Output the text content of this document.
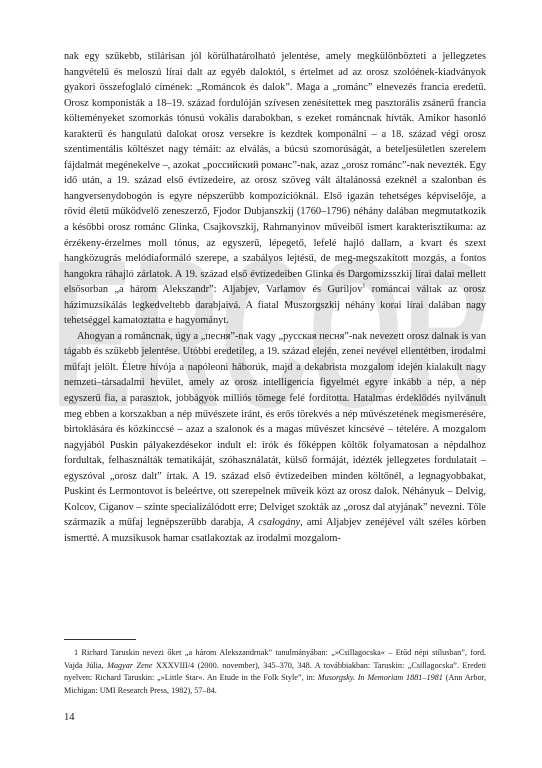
ERCOR

nak egy szűkebb, stilárisan jól körülhatárolható jelentése, amely megkülönbözteti a jellegzetes hangvételű és meloszú lírai dalt az egyéb daloktól, s értelmet ad az orosz szolóének-kiadványok gyakori összefoglaló címének: „Románcok és dalok”. Maga a „románc” elnevezés francia eredetű. Orosz komponisták a 18–19. század fordulóján szívesen zenésítettek meg pasztorális zsánerű francia költeményeket szomorkás tónusú vokális darabokban, s ezeket románcnak hívták. Amikor hasonló karakterű és hangulatú dalokat orosz versekre is kezdtek komponálni – a 18. század végi orosz szentimentális költészet nagy témáit: az elválás, a búcsú szomorúságát, a beteljesületlen szerelem fájdalmát megénekelve –, azokat „российский романс”-nak, azaz „orosz románc”-nak nevezték. Egy idő után, a 19. század első évtizedeire, az orosz szöveg vált általánossá ezeknél a szalonban és hangversenydobogón is egyre népszerűbb kompozícióknál. Első igazán tehetséges képviselője, a rövid életű működvelő zeneszerző, Fjodor Dubjanszkij (1760–1796) néhány dalában megmutatkozik a későbbi orosz románc Glinka, Csajkovszkij, Rahmanyinov műveiből ismert karakterisztikuma: az érzékeny-érzelmes moll tónus, az egyszerű, lépegető, lefelé hajló dallam, a kvart és szext hangközugrás melódiaformáló szerepe, a szabályos lejtésű, de meg-megszakított mozgás, a fontos hangokra ráhajló zárlatok. A 19. század első évtizedeiben Glinka és Dargomizsszkij lírai dalai mellett elsősorban „a három Alekszandr”: Aljabjev, Varlamov és Guriljov$^1$ románcai váltak az orosz házimuzsikálás legkedveltebb darabjaivá. A fiatal Muszorgszkij néhány korai lírai dalában nagy tehetséggel kamatoztatta e hagyományt.

Ahogyan a románcnak, úgy a „песня”-nak vagy „русская песня”-nak nevezett orosz dalnak is van tágabb és szűkebb jelentése. Utóbbi eredetileg, a 19. század elején, zenei nevével ellentétben, irodalmi műfajt jelölt. Életre hívója a napóleoni háborúk, majd a dekabrista mozgalom idején kialakult nagy nemzeti–társadalmi hevület, amely az orosz intelligencia figyelmét egyre inkább a nép, a nép egyszerű fia, a parasztok, jobbágyok milliós tömege felé fordította. Hatalmas érdeklődés nyilvánult meg ebben a korszakban a nép művészete iránt, és erős törekvés a nép művészetének megismerésére, birtoklására és közkinccsé – azaz a szalonok és a magas művészet kincsévé – tételére. A mozgalom nagyjából Puskin pályakezdésekor indult el: írók és főképpen költők folyamatosan a népdalhoz fordultak, felhasználták tematikáját, szóhasználatát, külső formáját, idézték jellegzetes fordulatait – egyszóval „orosz dalt” írtak. A 19. század első évtizedeiben minden költőnél, a legnagyobbakat, Puskint és Lermontovot is beleértve, ott szerepelnek műveik közt az orosz dalok. Néhányuk – Delvig, Kolcov, Ciganov – szinte specializálódott erre; Delviget szokták az „orosz dal atyjának” nevezni. Tőle származik a műfaj legnépszerűbb darabja, A csalogány, ami Aljabjev zenéjével vált széles körben ismertté. A muzsikusok hamar csatlakoztak az irodalmi mozgalom-

1 Richard Taruskin nevezi őket „a három Alekszandrnak” tanulmányában: „»Csillagocska« – Etűd népi stílusban”, ford. Vajda Júlia, Magyar Zene XXXVIII/4 (2000. november), 345–370, 348. A továbbiakban: Taruskin: „Csillagocska”. Eredeti nyelven: Richard Taruskin: „»Little Star«. An Etude in the Folk Style”, in: Musorgsky. In Memoriam 1881–1981 (Ann Arbor, Michigan: UMI Research Press, 1982), 57–84.
14
